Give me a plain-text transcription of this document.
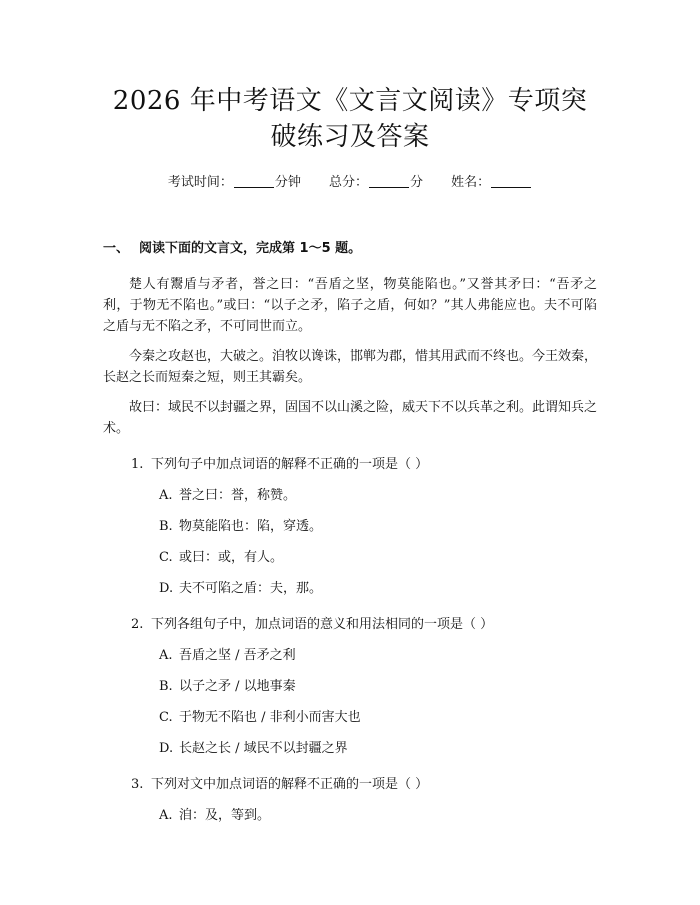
2026 年中考语文《文言文阅读》专项突破练习及答案
考试时间：	分钟 总分：	分 姓名：
一、 阅读下面的文言文，完成第 1～5 题。

楚人有鬻盾与矛者，誉之曰：“吾盾之坚，物莫能陷也。”又誉其矛曰：“吾矛之利，于物无不陷也。”或曰：“以子之矛，陷子之盾，何如？”其人弗能应也。夫不可陷之盾与无不陷之矛，不可同世而立。

今秦之攻赵也，大破之。洎牧以谗诛，邯郸为郡，惜其用武而不终也。今王效秦，长赵之长而短秦之短，则王其霸矣。

故曰：域民不以封疆之界，固国不以山溪之险，威天下不以兵革之利。此谓知兵之术。

1. 下列句子中加点词语的解释不正确的一项是（ ）
A. 誉之曰：誉，称赞。
B. 物莫能陷也：陷，穿透。
C. 或曰：或，有人。
D. 夫不可陷之盾：夫，那。
2. 下列各组句子中，加点词语的意义和用法相同的一项是（ ）
A. 吾盾之坚 / 吾矛之利
B. 以子之矛 / 以地事秦
C. 于物无不陷也 / 非利小而害大也
D. 长赵之长 / 域民不以封疆之界
3. 下列对文中加点词语的解释不正确的一项是（ ）
A. 洎：及，等到。
